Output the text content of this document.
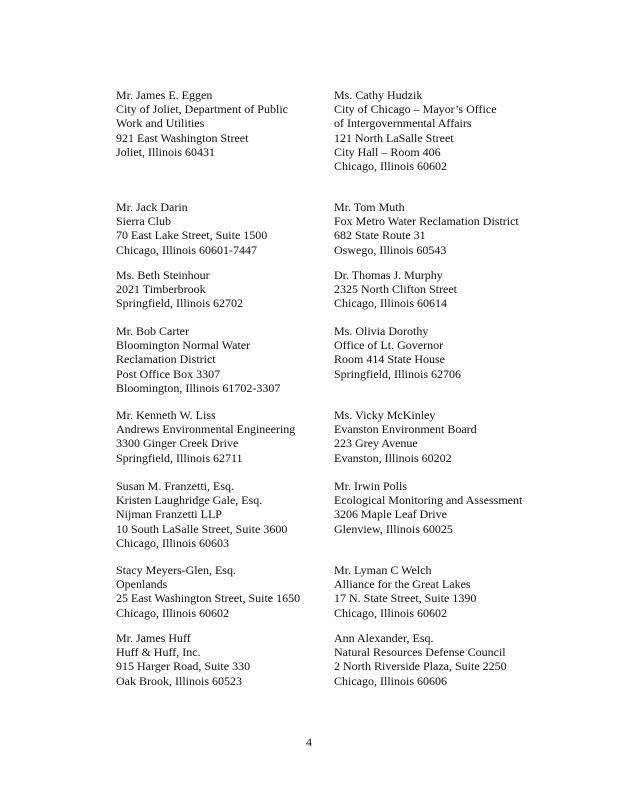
Mr. James E. Eggen
City of Joliet, Department of Public
Work and Utilities
921 East Washington Street
Joliet, Illinois 60431
Ms. Cathy Hudzik
City of Chicago – Mayor’s Office
of Intergovernmental Affairs
121 North LaSalle Street
City Hall – Room 406
Chicago, Illinois 60602
Mr. Jack Darin
Sierra Club
70 East Lake Street, Suite 1500
Chicago, Illinois 60601-7447
Mr. Tom Muth
Fox Metro Water Reclamation District
682 State Route 31
Oswego, Illinois 60543
Ms. Beth Steinhour
2021 Timberbrook
Springfield, Illinois 62702
Dr. Thomas J. Murphy
2325 North Clifton Street
Chicago, Illinois 60614
Mr. Bob Carter
Bloomington Normal Water
Reclamation District
Post Office Box 3307
Bloomington, Illinois 61702-3307
Ms. Olivia Dorothy
Office of Lt. Governor
Room 414 State House
Springfield, Illinois 62706
Mr. Kenneth W. Liss
Andrews Environmental Engineering
3300 Ginger Creek Drive
Springfield, Illinois 62711
Ms. Vicky McKinley
Evanston Environment Board
223 Grey Avenue
Evanston, Illinois 60202
Susan M. Franzetti, Esq.
Kristen Laughridge Gale, Esq.
Nijman Franzetti LLP
10 South LaSalle Street, Suite 3600
Chicago, Illinois 60603
Mr. Irwin Polls
Ecological Monitoring and Assessment
3206 Maple Leaf Drive
Glenview, Illinois 60025
Stacy Meyers-Glen, Esq.
Openlands
25 East Washington Street, Suite 1650
Chicago, Illinois 60602
Mr. Lyman C Welch
Alliance for the Great Lakes
17 N. State Street, Suite 1390
Chicago, Illinois 60602
Mr. James Huff
Huff & Huff, Inc.
915 Harger Road, Suite 330
Oak Brook, Illinois 60523
Ann Alexander, Esq.
Natural Resources Defense Council
2 North Riverside Plaza, Suite 2250
Chicago, Illinois 60606
4
